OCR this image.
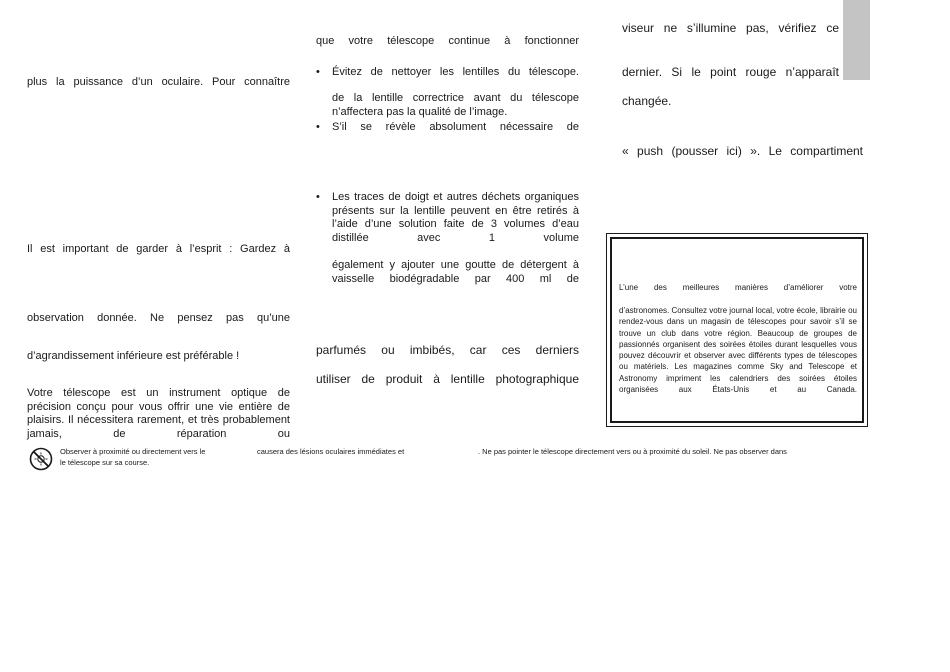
plus la puissance d’un oculaire. Pour connaître

Il est important de garder à l’esprit : Gardez à

observation donnée. Ne pensez pas qu’une

d’agrandissement inférieure est préférable !

Votre télescope est un instrument optique de précision conçu pour vous offrir une vie entière de plaisirs. Il nécessitera rarement, et très probablement jamais, de réparation ou

que votre télescope continue à fonctionner

• Évitez de nettoyer les lentilles du télescope.

de la lentille correctrice avant du télescope n’affectera pas la qualité de l’image.

• S’il se révèle absolument nécessaire de

• Les traces de doigt et autres déchets organiques présents sur la lentille peuvent en être retirés à l’aide d’une solution faite de 3 volumes d’eau distillée avec 1 volume

également y ajouter une goutte de détergent à vaisselle biodégradable par 400 ml de

parfumés ou imbibés, car ces derniers

utiliser de produit à lentille photographique

viseur ne s’illumine pas, vérifiez ce

dernier. Si le point rouge n’apparaît

changée.

« push (pousser ici) ». Le compartiment

L’une des meilleures manières d’améliorer votre

d’astronomes. Consultez votre journal local, votre école, librairie ou rendez-vous dans un magasin de télescopes pour savoir s’il se trouve un club dans votre région. Beaucoup de groupes de passionnés organisent des soirées étoiles durant lesquelles vous pouvez découvrir et observer avec différents types de télescopes ou matériels. Les magazines comme Sky and Telescope et Astronomy impriment les calendriers des soirées étoiles organisées aux États-Unis et au Canada.

Observer à proximité ou directement vers le	causera des lésions oculaires immédiates et	. Ne pas pointer le télescope directement vers ou à proximité du soleil. Ne pas observer dans
le télescope sur sa course.
